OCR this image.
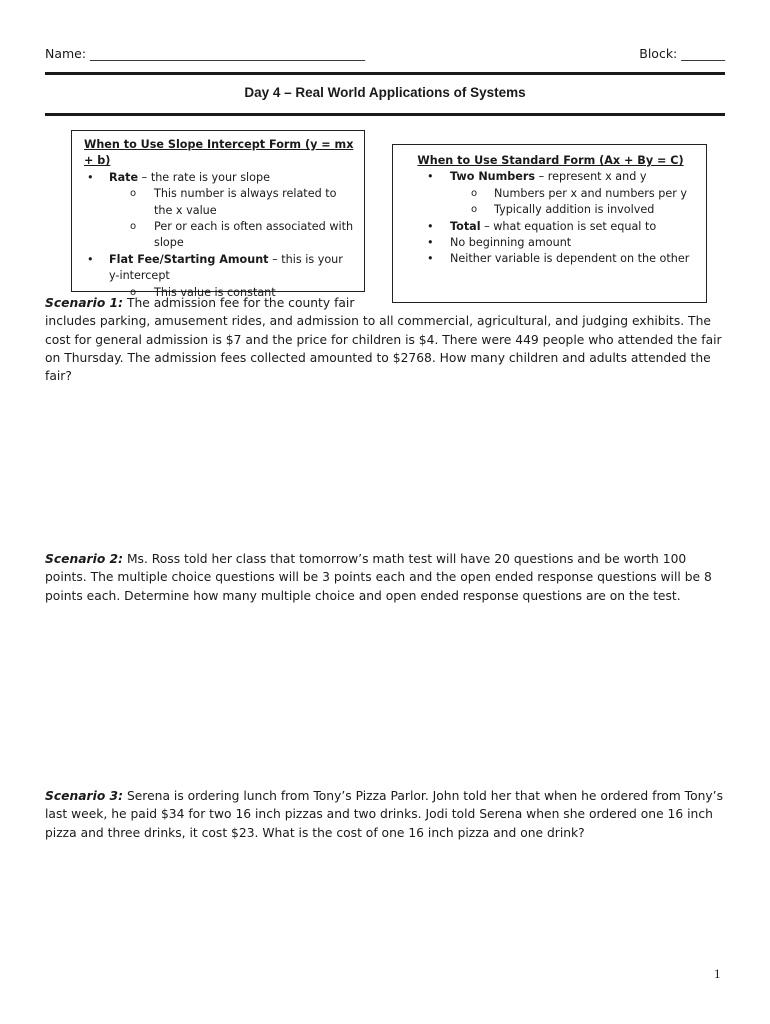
Name: ____________________________________________	Block: _______
Day 4 – Real World Applications of Systems
When to Use Slope Intercept Form (y = mx + b)
• Rate – the rate is your slope
o This number is always related to the x value
o Per or each is often associated with slope
• Flat Fee/Starting Amount – this is your y-intercept
o This value is constant
When to Use Standard Form (Ax + By = C)
• Two Numbers – represent x and y
o Numbers per x and numbers per y
o Typically addition is involved
• Total – what equation is set equal to
• No beginning amount
• Neither variable is dependent on the other
Scenario 1: The admission fee for the county fair
includes parking, amusement rides, and admission to all commercial, agricultural, and judging exhibits. The cost for general admission is $7 and the price for children is $4. There were 449 people who attended the fair on Thursday. The admission fees collected amounted to $2768. How many children and adults attended the fair?
Scenario 2: Ms. Ross told her class that tomorrow’s math test will have 20 questions and be worth 100 points. The multiple choice questions will be 3 points each and the open ended response questions will be 8 points each. Determine how many multiple choice and open ended response questions are on the test.
Scenario 3: Serena is ordering lunch from Tony’s Pizza Parlor. John told her that when he ordered from Tony’s last week, he paid $34 for two 16 inch pizzas and two drinks. Jodi told Serena when she ordered one 16 inch pizza and three drinks, it cost $23. What is the cost of one 16 inch pizza and one drink?
1
